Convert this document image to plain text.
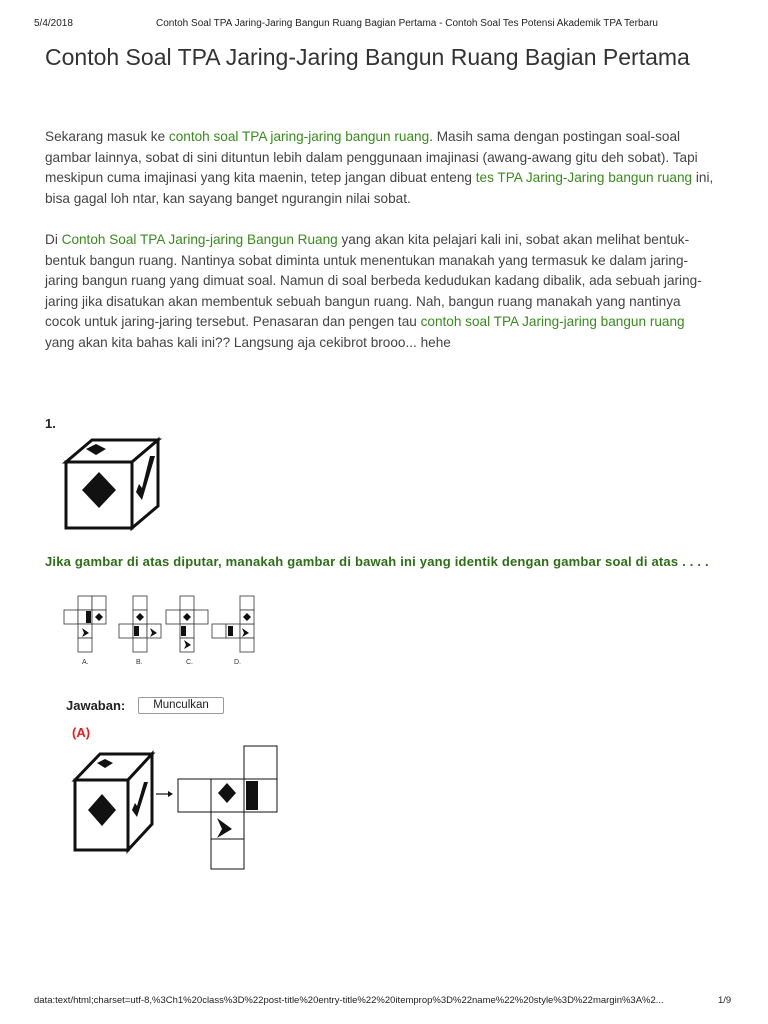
5/4/2018	Contoh Soal TPA Jaring-Jaring Bangun Ruang Bagian Pertama - Contoh Soal Tes Potensi Akademik TPA Terbaru
Contoh Soal TPA Jaring-Jaring Bangun Ruang Bagian Pertama

Sekarang masuk ke contoh soal TPA jaring-jaring bangun ruang. Masih sama dengan postingan soal-soal gambar lainnya, sobat di sini dituntun lebih dalam penggunaan imajinasi (awang-awang gitu deh sobat). Tapi meskipun cuma imajinasi yang kita maenin, tetep jangan dibuat enteng tes TPA Jaring-Jaring bangun ruang ini, bisa gagal loh ntar, kan sayang banget ngurangin nilai sobat.

Di Contoh Soal TPA Jaring-jaring Bangun Ruang yang akan kita pelajari kali ini, sobat akan melihat bentuk-bentuk bangun ruang. Nantinya sobat diminta untuk menentukan manakah yang termasuk ke dalam jaring-jaring bangun ruang yang dimuat soal. Namun di soal berbeda kedudukan kadang dibalik, ada sebuah jaring-jaring jika disatukan akan membentuk sebuah bangun ruang. Nah, bangun ruang manakah yang nantinya cocok untuk jaring-jaring tersebut. Penasaran dan pengen tau contoh soal TPA Jaring-jaring bangun ruang yang akan kita bahas kali ini?? Langsung aja cekibrot brooo... hehe

1.

Jika gambar di atas diputar, manakah gambar di bawah ini yang identik dengan gambar soal di atas . . . .

A.	B.	C.	D.
Jawaban:	Munculkan
(A)
data:text/html;charset=utf-8,%3Ch1%20class%3D%22post-title%20entry-title%22%20itemprop%3D%22name%22%20style%3D%22margin%3A%2...	1/9
